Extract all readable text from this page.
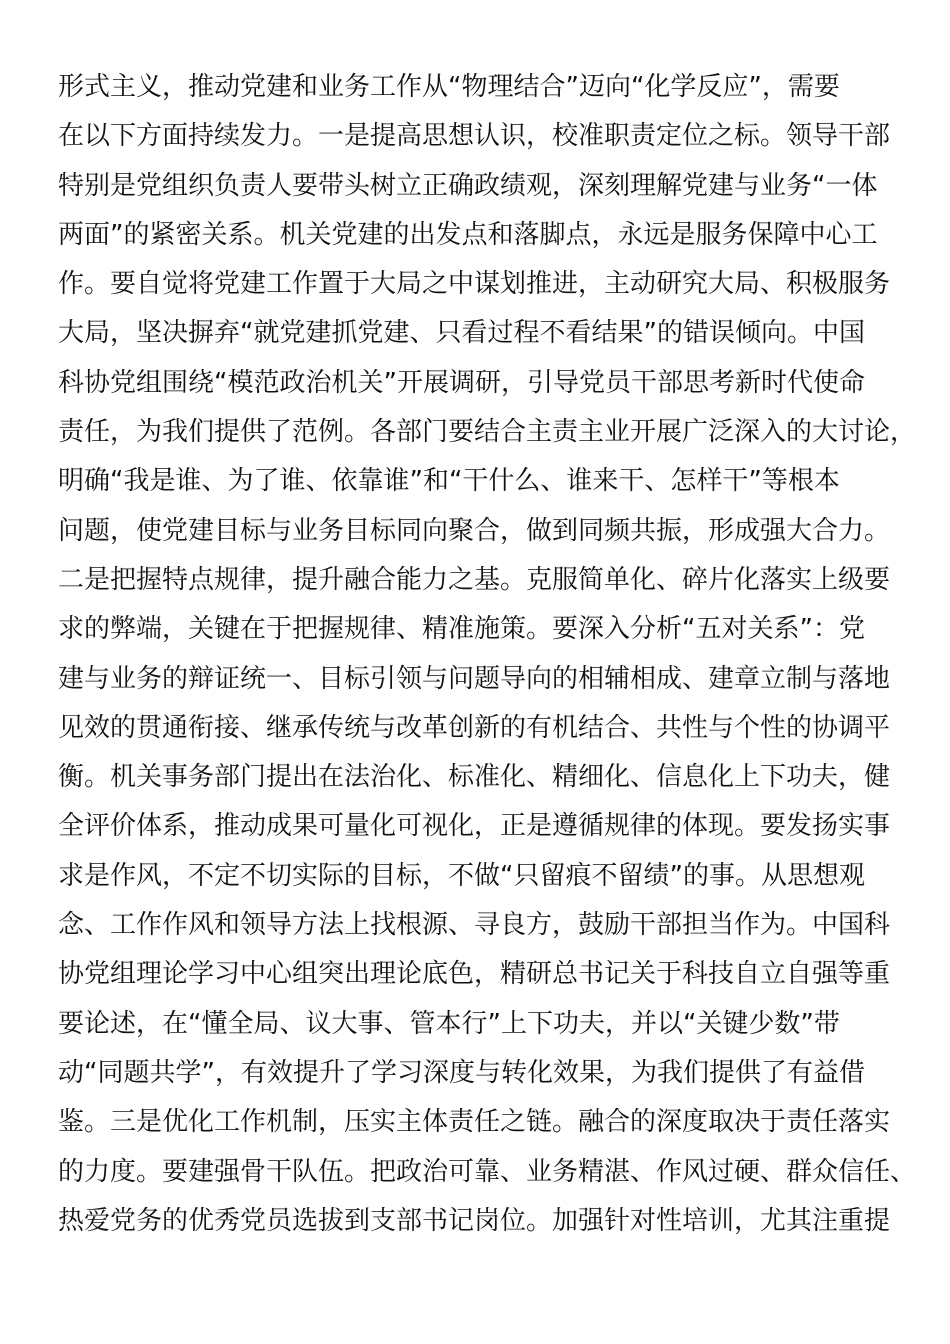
形式主义，推动党建和业务工作从“物理结合”迈向“化学反应”，需要
在以下方面持续发力。一是提高思想认识，校准职责定位之标。领导干部
特别是党组织负责人要带头树立正确政绩观，深刻理解党建与业务“一体
两面”的紧密关系。机关党建的出发点和落脚点，永远是服务保障中心工
作。要自觉将党建工作置于大局之中谋划推进，主动研究大局、积极服务
大局，坚决摒弃“就党建抓党建、只看过程不看结果”的错误倾向。中国
科协党组围绕“模范政治机关”开展调研，引导党员干部思考新时代使命
责任，为我们提供了范例。各部门要结合主责主业开展广泛深入的大讨论，
明确“我是谁、为了谁、依靠谁”和“干什么、谁来干、怎样干”等根本
问题，使党建目标与业务目标同向聚合，做到同频共振，形成强大合力。
二是把握特点规律，提升融合能力之基。克服简单化、碎片化落实上级要
求的弊端，关键在于把握规律、精准施策。要深入分析“五对关系”：党
建与业务的辩证统一、目标引领与问题导向的相辅相成、建章立制与落地
见效的贯通衔接、继承传统与改革创新的有机结合、共性与个性的协调平
衡。机关事务部门提出在法治化、标准化、精细化、信息化上下功夫，健
全评价体系，推动成果可量化可视化，正是遵循规律的体现。要发扬实事
求是作风，不定不切实际的目标，不做“只留痕不留绩”的事。从思想观
念、工作作风和领导方法上找根源、寻良方，鼓励干部担当作为。中国科
协党组理论学习中心组突出理论底色，精研总书记关于科技自立自强等重
要论述，在“懂全局、议大事、管本行”上下功夫，并以“关键少数”带
动“同题共学”，有效提升了学习深度与转化效果，为我们提供了有益借
鉴。三是优化工作机制，压实主体责任之链。融合的深度取决于责任落实
的力度。要建强骨干队伍。把政治可靠、业务精湛、作风过硬、群众信任、
热爱党务的优秀党员选拔到支部书记岗位。加强针对性培训，尤其注重提
